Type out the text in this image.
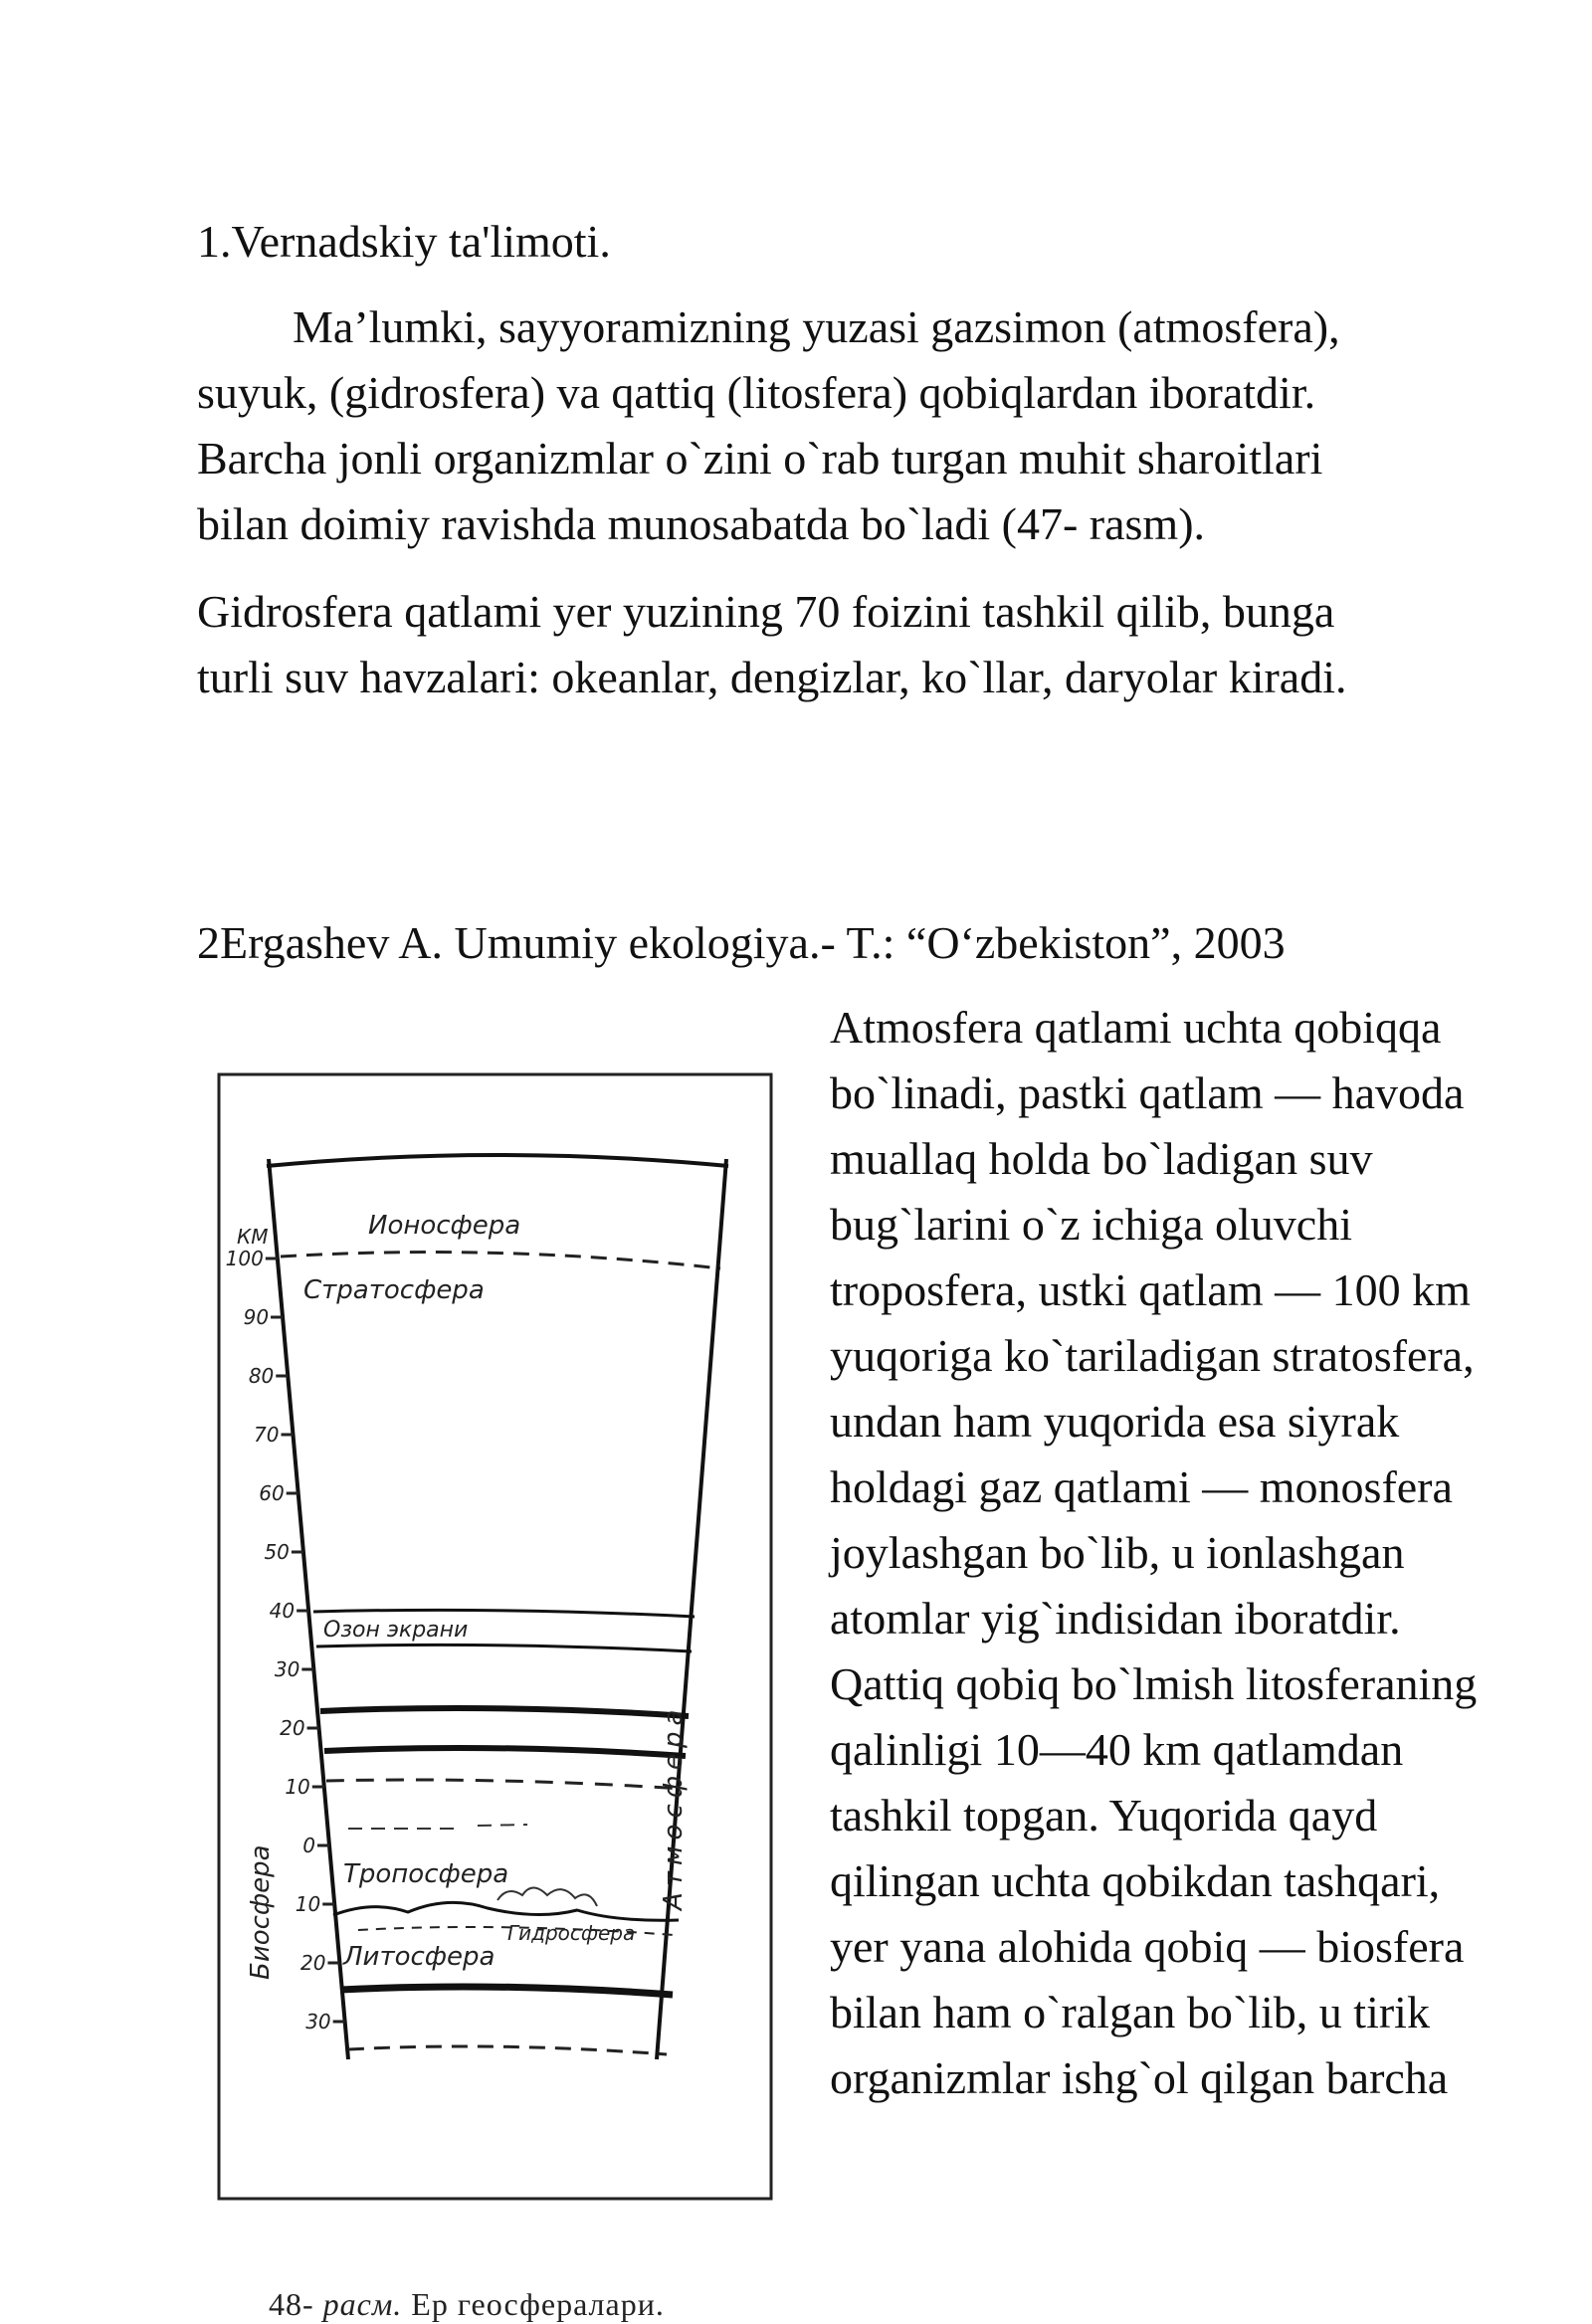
1.Vernadskiy ta'limoti.
Ma’lumki, sayyoramizning yuzasi gazsimon (atmosfera),
suyuk, (gidrosfera) va qattiq (litosfera) qobiqlardan iboratdir.
Barcha jonli organizmlar o`zini o`rab turgan muhit sharoitlari
bilan doimiy ravishda munosabatda bo`ladi (47- rasm).
Gidrosfera qatlami yer yuzining 70 foizini tashkil qilib, bunga
turli suv havzalari: okeanlar, dengizlar, ko`llar, daryolar kiradi.
2Ergashev A. Umumiy ekologiya.- T.: “O‘zbekiston”, 2003
Atmosfera qatlami uchta qobiqqa
bo`linadi, pastki qatlam — havoda
muallaq holda bo`ladigan suv
bug`larini o`z ichiga oluvchi
troposfera, ustki qatlam — 100 km
yuqoriga ko`tariladigan stratosfera,
undan ham yuqorida esa siyrak
holdagi gaz qatlami — monosfera
joylashgan bo`lib, u ionlashgan
atomlar yig`indisidan iboratdir.
Qattiq qobiq bo`lmish litosferaning
qalinligi 10—40 km qatlamdan
tashkil topgan. Yuqorida qayd
qilingan uchta qobikdan tashqari,
yer yana alohida qobiq — biosfera
bilan ham o`ralgan bo`lib, u tirik
organizmlar ishg`ol qilgan barcha
100
90
80
70
60
50
40
30
20
10
0
10
20
30
КМ	Ионосфера
Стратосфера
Озон экрани
Тропосфера
Гидросфера
Литосфера
Атмосфера
Биосфера
48- расм. Ер геосфералари.
